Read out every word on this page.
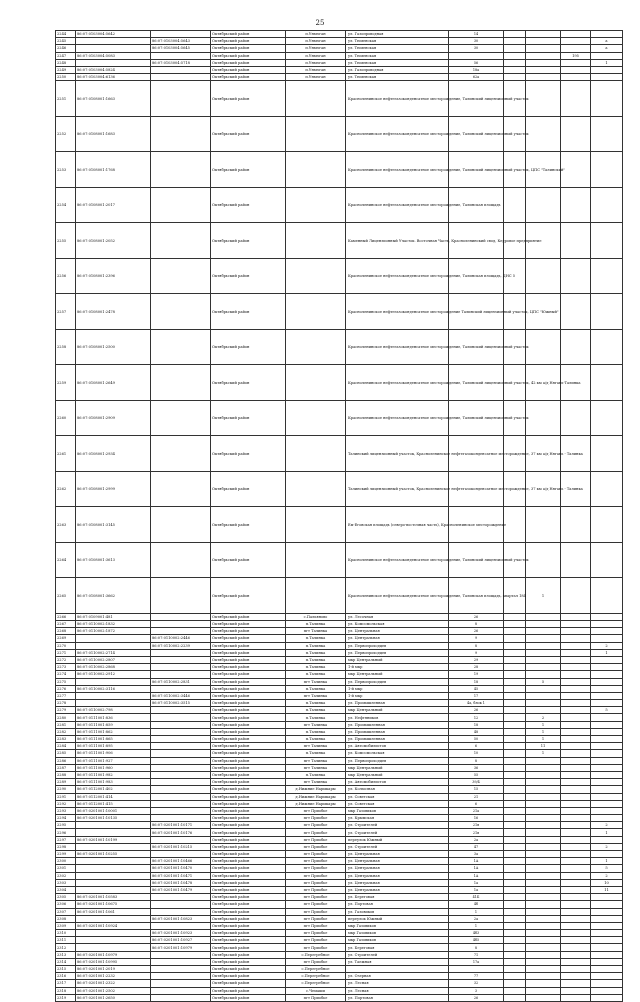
25
2244	86:07:0103004:5642		Октябрьский район	п.Унъюган	ул. Газопроводная	14				
2245		86:07:0103004:5643	Октябрьский район	п.Унъюган	ул. Тюменская	30				а
2246		86:07:0103004:5645	Октябрьский район	п.Унъюган	ул. Тюменская	30				а
2247	86:07:0103004:5083		Октябрьский район	п.Унъюган	ул. Тюменская				195	
2248		86:07:0103004:5718	Октябрьский район	п.Унъюган	ул. Тюменская	56				1
2249	86:07:0103004:5824		Октябрьский район	п.Унъюган	ул. Газопроводная	18а				
2250	86:07:0103004:6136		Октябрьский район	п.Унъюган	ул. Тюменская	62а				
2251	86:07:0108001:1663		Октябрьский район		Красноленинское нефтегазоконденсатное месторождение, Талинский лицензионный участок					
2252	86:07:0108001:1683		Октябрьский район		Красноленинское нефтегазоконденсатное месторождение, Талинский лицензионный участок					
2253	86:07:0108001:1768		Октябрьский район		Красноленинское нефтегазоконденсатное месторождение, Талинский лицензионный участок, ЦПС "Талинский"					
2254	86:07:0108001:2017		Октябрьский район		Красноленинское нефтегазоконденсатное месторождение, Талинская площадь					
2255	86:07:0108001:2052		Октябрьский район		Каменный Лицензионный Участок. Восточная Часть, Красноленинский свод, Кедровое предприятие					
2256	86:07:0108001:2396		Октябрьский район		Красноленинское нефтегазоконденсатное месторождение, Талинская площадь, ДНС 5					
2257	86:07:0108001:2478		Октябрьский район		Красноленинское нефтегазоконденсатное месторождение Талинский лицензионный участок, ЦПС "Южный"					
2258	86:07:0108001:2500		Октябрьский район		Красноленинское нефтегазоконденсатное месторождение, Талинский лицензионный участок					
2259	86:07:0108001:2649		Октябрьский район		Красноленинское нефтегазоконденсатное месторождение, Талинский лицензионный участок, 42 км а/д Нягань-Талинка					
2260	86:07:0108001:2909		Октябрьский район		Красноленинское нефтегазоконденсатное месторождение, Талинский лицензионный участок					
2261	86:07:0108001:2934		Октябрьский район		Талинский лицензионный участок, Красноленинское нефтегазоконденсатное месторождение, 37 км а/д Нягань - Талинка					
2262	86:07:0108001:2999		Октябрьский район		Талинский лицензионный участок, Красноленинское нефтегазоконденсатное месторождение, 37 км а/д Нягань - Талинка					
2263	86:07:0108001:3145		Октябрьский район		Ем-Еговская площадь (северо-восточная часть), Красноленинское месторождение					
2264	86:07:0108001:3613		Октябрьский район		Красноленинское нефтегазоконденсатное месторождение, Талинский лицензионный участок					
2265	86:07:0108001:3662		Октябрьский район		Красноленинское нефтегазоконденсатное месторождение, Талинская площадь, квартал 184			1		
2266	86:07:0109001:481		Октябрьский район	с.Пальяново	ул. Лесочная	26				
2267	86:07:0110002:1832		Октябрьский район	п.Талинка	ул. Комсомольская	8				
2268	86:07:0110002:1872		Октябрьский район	пгт Талинка	ул. Центральная	26				
2269		86:07:0110002:2446	Октябрьский район	п.Талинка	ул. Центральная	9				
2270		86:07:0110002:2239	Октябрьский район	п.Талинка	ул. Первопроходцев	8				2
2271	86:07:0110002:2714		Октябрьский район	п.Талинка	ул. Первопроходцев	9				1
2272	86:07:0110002:2807		Октябрьский район	п.Талинка	мкр Центральный	29				
2273	86:07:0110002:2868		Октябрьский район	п.Талинка	1-й мкр	28				
2274	86:07:0110002:2912		Октябрьский район	п.Талинка	мкр Центральный	19				
2275		86:07:0110002:2831	Октябрьский район	пгт Талинка	ул. Первопроходцев	18		5		
2276	86:07:0110002:3116		Октябрьский район	п.Талинка	1-й мкр	45				
2277		86:07:0110002:3446	Октябрьский район	пгт Талинка	1-й мкр	17				
2278		86:07:0110002:3515	Октябрьский район	п.Талинка	ул. Промышленная	4а, блок 1				
2279	86:07:0110002:798		Октябрьский район	п.Талинка	мкр Центральный	26				5
2280	86:07:0111001:836		Октябрьский район	п.Талинка	ул. Нефтяников	12		2		
2281	86:07:0111001:859		Октябрьский район	пгт Талинка	ул. Промышленная	18		1		
2282	86:07:0111001:862		Октябрьский район	п.Талинка	ул. Промышленная	48		1		
2283	86:07:0111001:865		Октябрьский район	п.Талинка	ул. Промышленная	50		1		
2284	86:07:0111001:895		Октябрьский район	пгт Талинка	ул. Автомобилистов	6		11		
2285	86:07:0111001:906		Октябрьский район	п.Талинка	ул. Комсомольская	10		1		
2286	86:07:0111001:927		Октябрьский район	пгт Талинка	ул. Первопроходцев	8				
2287	86:07:0111001:960		Октябрьский район	пгт Талинка	мкр Центральный	36				
2288	86:07:0111001:982		Октябрьский район	п.Талинка	мкр Центральный	55				
2289	86:07:0111001:983		Октябрьский район	пгт Талинка	ул. Автомобилистов	39/4				
2290	86:07:0112001:402		Октябрьский район	д.Нижние Нарыкары	ул. Колхозная	15				
2291	86:07:0112001:414		Октябрьский район	д.Нижние Нарыкары	ул. Советская	21				
2292	86:07:0112001:415		Октябрьский район	д.Нижние Нарыкары	ул. Советская	6				
2293	86:07:0201001:10001		Октябрьский район	пгт Приобье	мкр Газовиков	21а				
2294	86:07:0201001:10135		Октябрьский район	пгт Приобье	ул. Крымская	16				
2295		86:07:0201001:10171	Октябрьский район	пгт Приобье	ул. Строителей	21в				2
2296		86:07:0201001:10176	Октябрьский район	пгт Приобье	ул. Строителей	21в				1
2297	86:07:0201001:10199		Октябрьский район	пгт Приобье	переулок Южный	2а				
2298		86:07:0201001:10215	Октябрьский район	пгт Приобье	ул. Строителей	47				2
2299	86:07:0201001:10255		Октябрьский район	пгт Приобье	ул. Центральная	3а				
2300		86:07:0201001:10466	Октябрьский район	пгт Приобье	ул. Центральная	1А				1
2301		86:07:0201001:10470	Октябрьский район	пгт Приобье	ул. Центральная	1А				5
2302		86:07:0201001:10471	Октябрьский район	пгт Приобье	ул. Центральная	1А				2
2303		86:07:0201001:10478	Октябрьский район	пгт Приобье	ул. Центральная	1а				10
2304		86:07:0201001:10479	Октябрьский район	пгт Приобье	ул. Центральная	1а				11
2305	86:07:0201001:10583		Октябрьский район	пгт Приобье	ул. Береговая	41Б				
2306	86:07:0201001:10675		Октябрьский район	пгт Приобье	ул. Портовая	4б				
2307	86:07:0201001:1061		Октябрьский район	пгт Приобье	ул. Газовиков	1				
2308		86:07:0201001:10823	Октябрьский район	пгт Приобье	переулок Южный	2а				
2309	86:07:0201001:10924		Октябрьский район	пгт Приобье	мкр Газовиков	1				
2310		86:07:0201001:10923	Октябрьский район	пгт Приобье	мкр Газовиков	4б3				
2311		86:07:0201001:10927	Октябрьский район	пгт Приобье	мкр Газовиков	4б5				
2312		86:07:0201001:10979	Октябрьский район	пгт Приобье	ул. Береговая	8				
2313	86:07:0201001:10979		Октябрьский район	с.Перегребное	ул. Строителей	71				
2314	86:07:0201001:10995		Октябрьский район	пгт Приобье	ул. Таежная	17а				
2315	86:07:0201001:2019		Октябрьский район	с.Перегребное						
2316	86:07:0201001:2232		Октябрьский район	с.Перегребное	ул. Озерная	77				
2317	86:07:0201001:2322		Октябрьский район	с.Перегребное	ул. Лесная	32				
2318	86:07:0201001:2502		Октябрьский район	с.Чемаши	ул. Лесная	3				
2319	86:07:0201001:2650		Октябрьский район	пгт Приобье	ул. Портовая	26				
